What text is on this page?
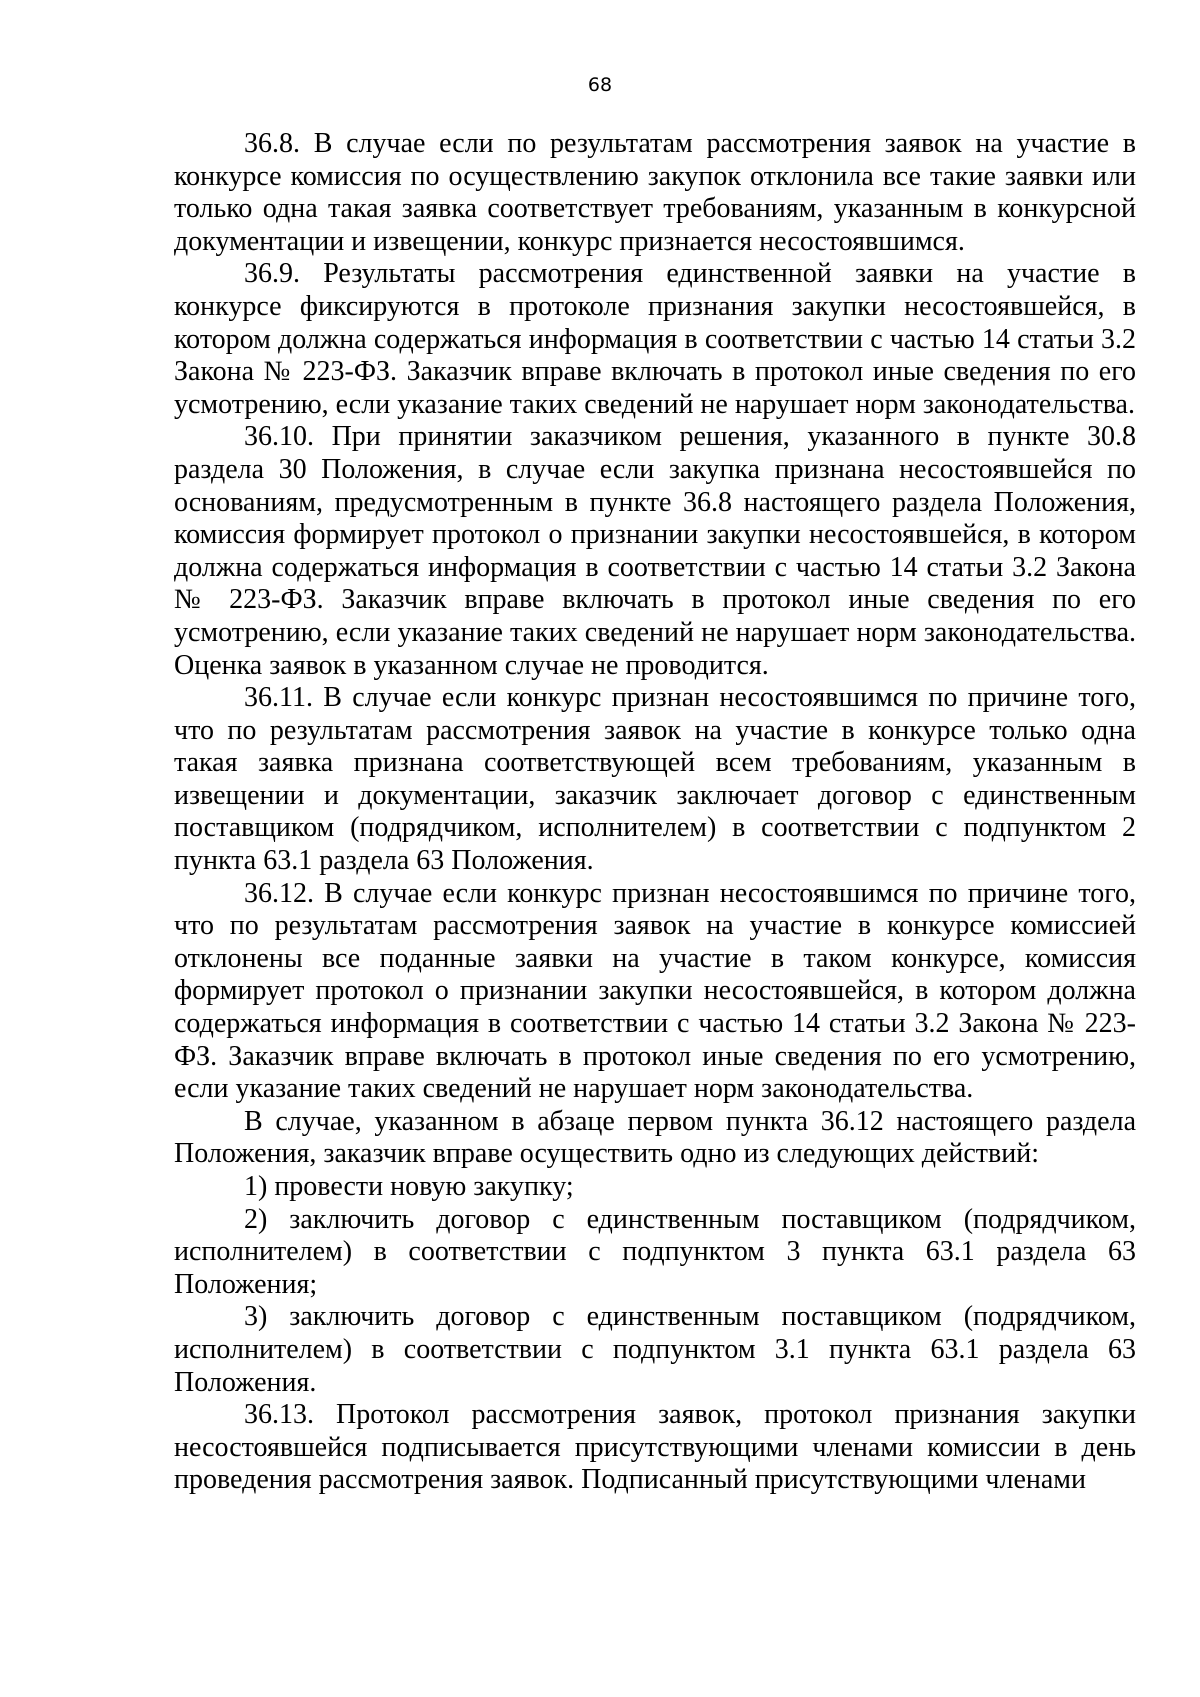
68

36.8. В случае если по результатам рассмотрения заявок на участие в конкурсе комиссия по осуществлению закупок отклонила все такие заявки или только одна такая заявка соответствует требованиям, указанным в конкурсной документации и извещении, конкурс признается несостоявшимся.

36.9. Результаты рассмотрения единственной заявки на участие в конкурсе фиксируются в протоколе признания закупки несостоявшейся, в котором должна содержаться информация в соответствии с частью 14 статьи 3.2 Закона № 223-ФЗ. Заказчик вправе включать в протокол иные сведения по его усмотрению, если указание таких сведений не нарушает норм законодательства.

36.10. При принятии заказчиком решения, указанного в пункте 30.8 раздела 30 Положения, в случае если закупка признана несостоявшейся по основаниям, предусмотренным в пункте 36.8 настоящего раздела Положения, комиссия формирует протокол о признании закупки несостоявшейся, в котором должна содержаться информация в соответствии с частью 14 статьи 3.2 Закона № 223-ФЗ. Заказчик вправе включать в протокол иные сведения по его усмотрению, если указание таких сведений не нарушает норм законодательства. Оценка заявок в указанном случае не проводится.

36.11. В случае если конкурс признан несостоявшимся по причине того, что по результатам рассмотрения заявок на участие в конкурсе только одна такая заявка признана соответствующей всем требованиям, указанным в извещении и документации, заказчик заключает договор с единственным поставщиком (подрядчиком, исполнителем) в соответствии с подпунктом 2 пункта 63.1 раздела 63 Положения.

36.12. В случае если конкурс признан несостоявшимся по причине того, что по результатам рассмотрения заявок на участие в конкурсе комиссией отклонены все поданные заявки на участие в таком конкурсе, комиссия формирует протокол о признании закупки несостоявшейся, в котором должна содержаться информация в соответствии с частью 14 статьи 3.2 Закона № 223-ФЗ. Заказчик вправе включать в протокол иные сведения по его усмотрению, если указание таких сведений не нарушает норм законодательства.

В случае, указанном в абзаце первом пункта 36.12 настоящего раздела Положения, заказчик вправе осуществить одно из следующих действий:

1) провести новую закупку;

2) заключить договор с единственным поставщиком (подрядчиком, исполнителем) в соответствии с подпунктом 3 пункта 63.1 раздела 63 Положения;

3) заключить договор с единственным поставщиком (подрядчиком, исполнителем) в соответствии с подпунктом 3.1 пункта 63.1 раздела 63 Положения.

36.13. Протокол рассмотрения заявок, протокол признания закупки несостоявшейся подписывается присутствующими членами комиссии в день проведения рассмотрения заявок. Подписанный присутствующими членами
